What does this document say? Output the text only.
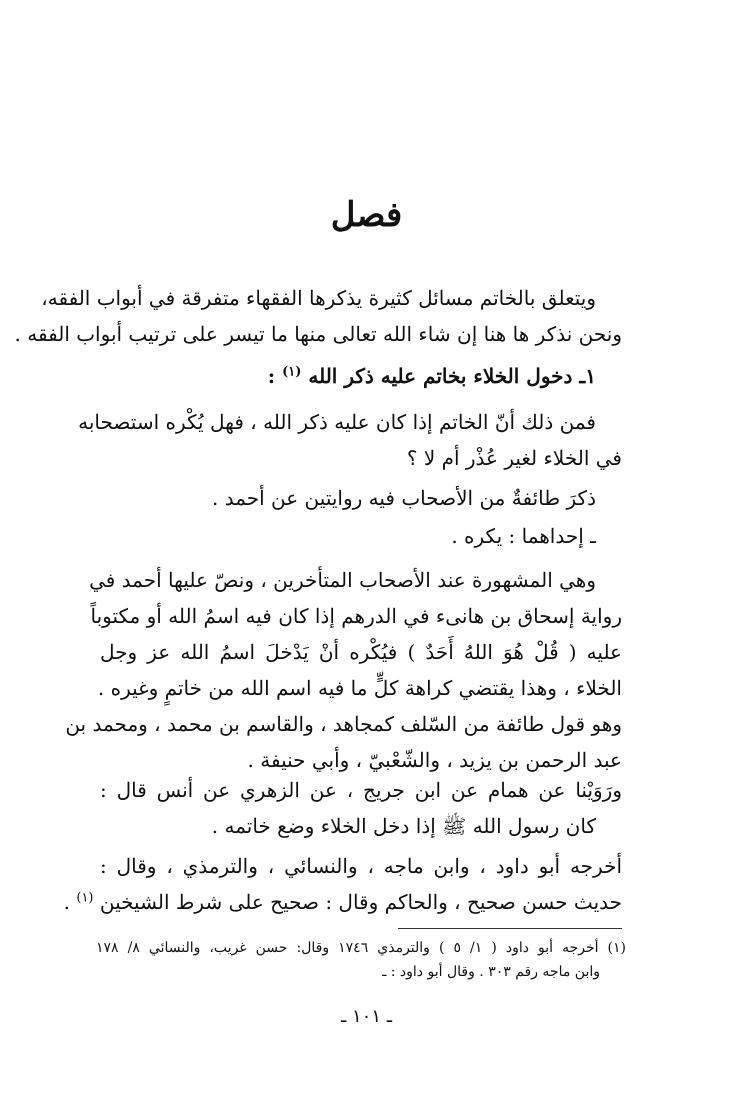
فصل
ويتعلق بالخاتم مسائل كثيرة يذكرها الفقهاء متفرقة في أبواب الفقه،
ونحن نذكر ها هنا إن شاء الله تعالى منها ما تيسر على ترتيب أبواب الفقه .
١ـ دخول الخلاء بخاتم عليه ذكر الله $^{(١)}$ :
فمن ذلك أنّ الخاتم إذا كان عليه ذكر الله ، فهل يُكْره استصحابه
في الخلاء لغير عُذْر أم لا ؟
ذكرَ طائفةٌ من الأصحاب فيه روايتين عن أحمد .
ـ إحداهما : يكره .
وهي المشهورة عند الأصحاب المتأخرين ، ونصّ عليها أحمد في
رواية إسحاق بن هانىء في الدرهم إذا كان فيه اسمُ الله أو مكتوباً
عليه ( قُلْ هُوَ اللهُ أَحَدٌ ) فيُكْره أنْ يَدْخلَ اسمُ الله عز وجل
الخلاء ، وهذا يقتضي كراهة كلٍّ ما فيه اسم الله من خاتمٍ وغيره .
وهو قول طائفة من السّلف كمجاهد ، والقاسم بن محمد ، ومحمد بن
عبد الرحمن بن يزيد ، والشّعْبيّ ، وأبي حنيفة .
ورَوَيْنا عن همام عن ابن جريج ، عن الزهري عن أنس قال :
كان رسول الله ﷺ إذا دخل الخلاء وضع خاتمه .
أخرجه أبو داود ، وابن ماجه ، والنسائي ، والترمذي ، وقال :
حديث حسن صحيح ، والحاكم وقال : صحيح على شرط الشيخين $^{(١)}$ .
(١) أخرجه أبو داود ( ١/ ٥ ) والترمذي ١٧٤٦ وقال: حسن غريب، والنسائي ٨/ ١٧٨
وابن ماجه رقم ٣٠٣ . وقال أبو داود : ـ
ـ ١٠١ ـ
